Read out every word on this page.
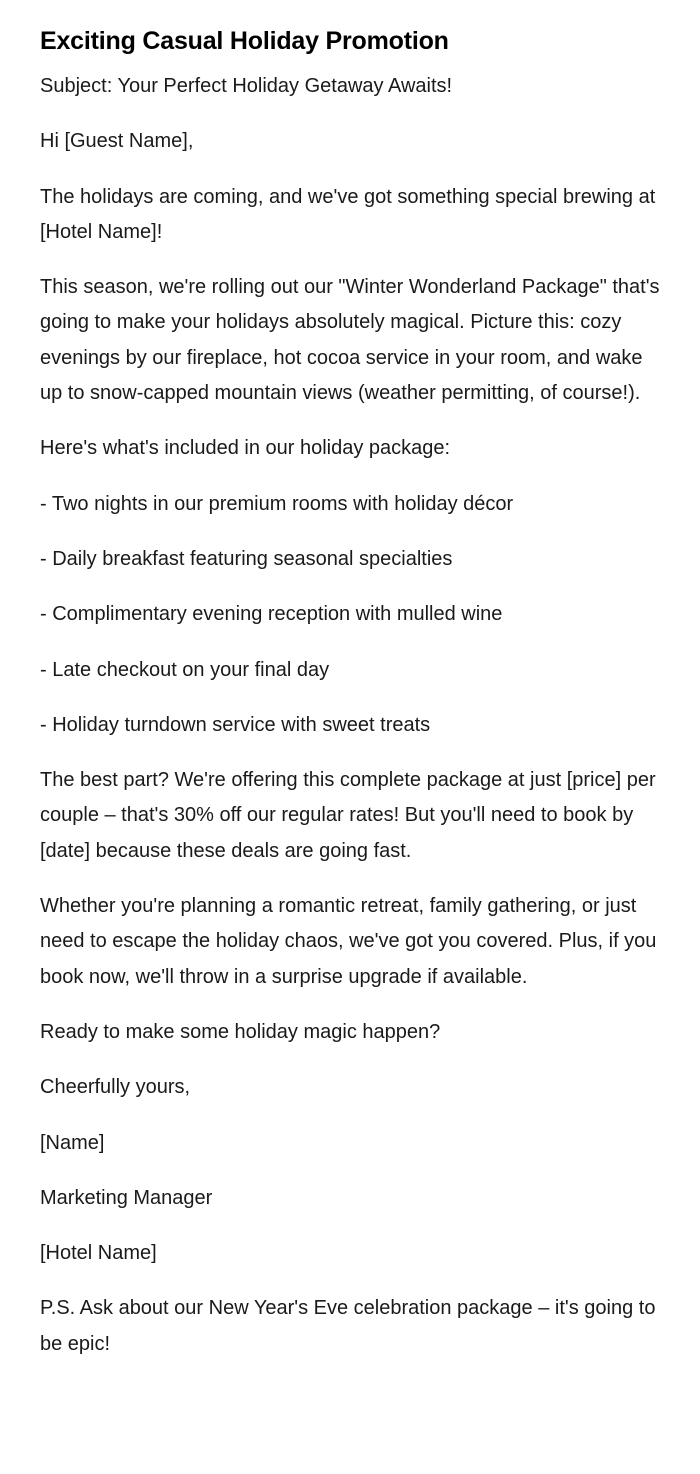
Exciting Casual Holiday Promotion

Subject: Your Perfect Holiday Getaway Awaits!

Hi [Guest Name],

The holidays are coming, and we've got something special brewing at [Hotel Name]!

This season, we're rolling out our "Winter Wonderland Package" that's going to make your holidays absolutely magical. Picture this: cozy evenings by our fireplace, hot cocoa service in your room, and wake up to snow-capped mountain views (weather permitting, of course!).

Here's what's included in our holiday package:

- Two nights in our premium rooms with holiday décor

- Daily breakfast featuring seasonal specialties

- Complimentary evening reception with mulled wine

- Late checkout on your final day

- Holiday turndown service with sweet treats

The best part? We're offering this complete package at just [price] per couple – that's 30% off our regular rates! But you'll need to book by [date] because these deals are going fast.

Whether you're planning a romantic retreat, family gathering, or just need to escape the holiday chaos, we've got you covered. Plus, if you book now, we'll throw in a surprise upgrade if available.

Ready to make some holiday magic happen?

Cheerfully yours,

[Name]

Marketing Manager

[Hotel Name]

P.S. Ask about our New Year's Eve celebration package – it's going to be epic!
